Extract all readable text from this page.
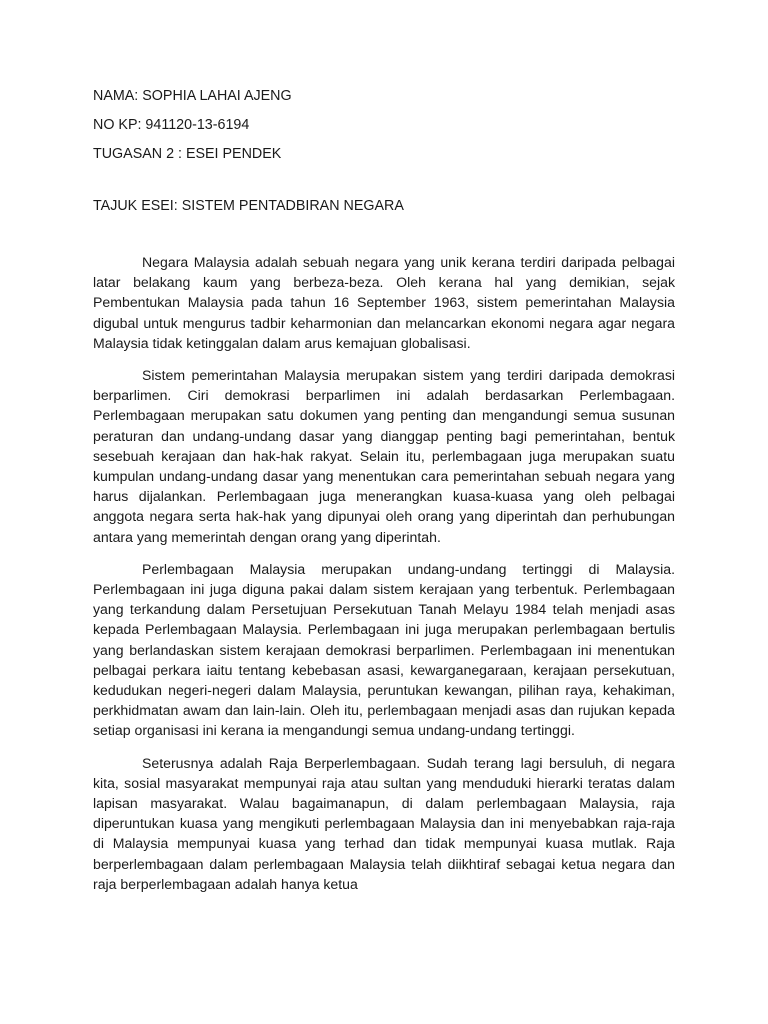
NAMA: SOPHIA LAHAI AJENG
NO KP: 941120-13-6194
TUGASAN 2 : ESEI PENDEK
TAJUK ESEI: SISTEM PENTADBIRAN NEGARA

Negara Malaysia adalah sebuah negara yang unik kerana terdiri daripada pelbagai latar belakang kaum yang berbeza-beza. Oleh kerana hal yang demikian, sejak Pembentukan Malaysia pada tahun 16 September 1963, sistem pemerintahan Malaysia digubal untuk mengurus tadbir keharmonian dan melancarkan ekonomi negara agar negara Malaysia tidak ketinggalan dalam arus kemajuan globalisasi.

Sistem pemerintahan Malaysia merupakan sistem yang terdiri daripada demokrasi berparlimen. Ciri demokrasi berparlimen ini adalah berdasarkan Perlembagaan. Perlembagaan merupakan satu dokumen yang penting dan mengandungi semua susunan peraturan dan undang-undang dasar yang dianggap penting bagi pemerintahan, bentuk sesebuah kerajaan dan hak-hak rakyat. Selain itu, perlembagaan juga merupakan suatu kumpulan undang-undang dasar yang menentukan cara pemerintahan sebuah negara yang harus dijalankan. Perlembagaan juga menerangkan kuasa-kuasa yang oleh pelbagai anggota negara serta hak-hak yang dipunyai oleh orang yang diperintah dan perhubungan antara yang memerintah dengan orang yang diperintah.

Perlembagaan Malaysia merupakan undang-undang tertinggi di Malaysia. Perlembagaan ini juga diguna pakai dalam sistem kerajaan yang terbentuk. Perlembagaan yang terkandung dalam Persetujuan Persekutuan Tanah Melayu 1984 telah menjadi asas kepada Perlembagaan Malaysia. Perlembagaan ini juga merupakan perlembagaan bertulis yang berlandaskan sistem kerajaan demokrasi berparlimen. Perlembagaan ini menentukan pelbagai perkara iaitu tentang kebebasan asasi, kewarganegaraan, kerajaan persekutuan, kedudukan negeri-negeri dalam Malaysia, peruntukan kewangan, pilihan raya, kehakiman, perkhidmatan awam dan lain-lain. Oleh itu, perlembagaan menjadi asas dan rujukan kepada setiap organisasi ini kerana ia mengandungi semua undang-undang tertinggi.

Seterusnya adalah Raja Berperlembagaan. Sudah terang lagi bersuluh, di negara kita, sosial masyarakat mempunyai raja atau sultan yang menduduki hierarki teratas dalam lapisan masyarakat. Walau bagaimanapun, di dalam perlembagaan Malaysia, raja diperuntukan kuasa yang mengikuti perlembagaan Malaysia dan ini menyebabkan raja-raja di Malaysia mempunyai kuasa yang terhad dan tidak mempunyai kuasa mutlak. Raja berperlembagaan dalam perlembagaan Malaysia telah diikhtiraf sebagai ketua negara dan raja berperlembagaan adalah hanya ketua
